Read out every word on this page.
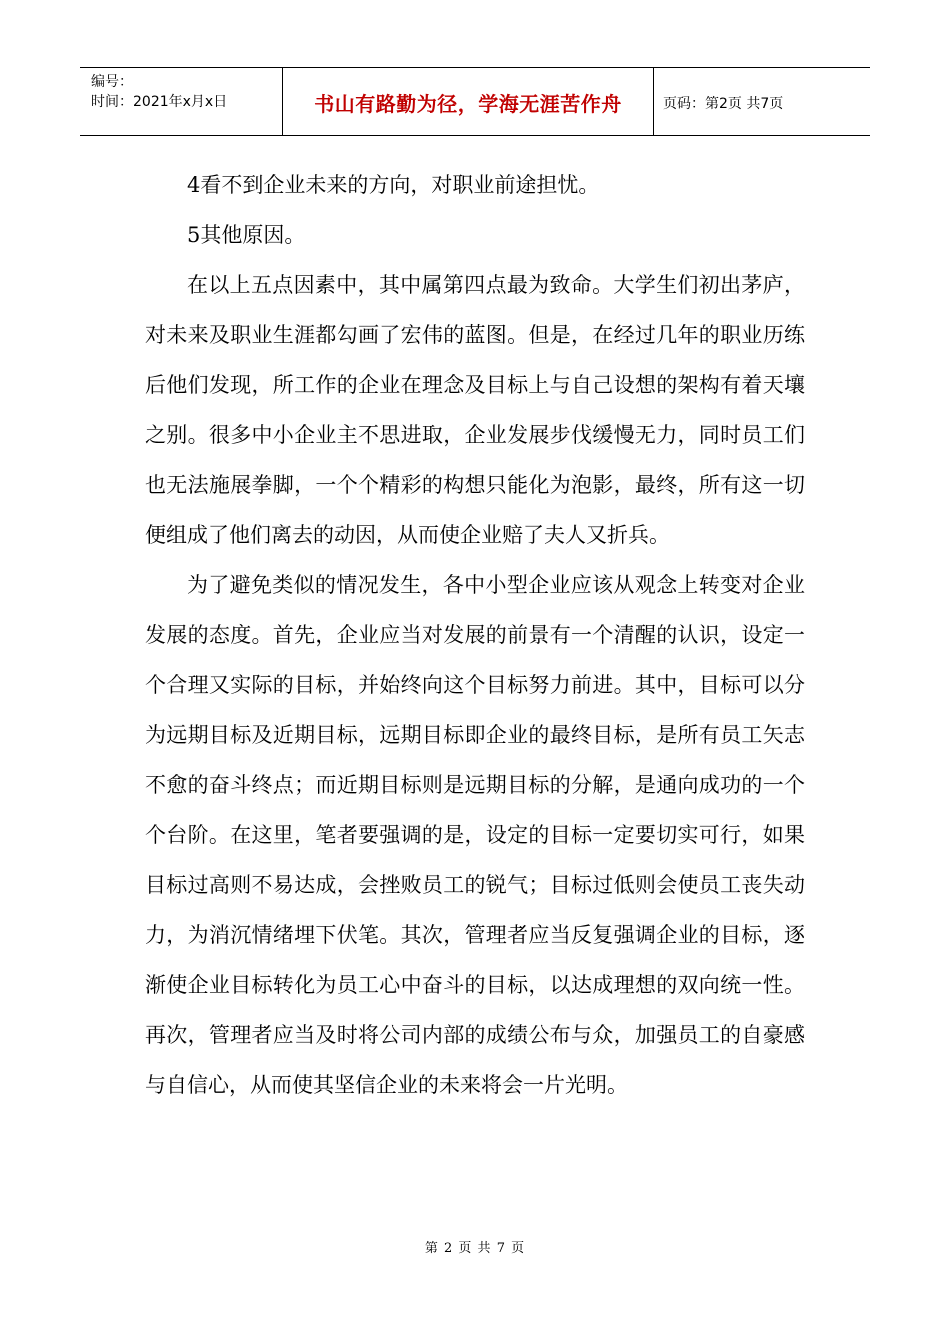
编号：
时间：2021年x月x日	书山有路勤为径，学海无涯苦作舟	页码：第2页 共7页

4看不到企业未来的方向，对职业前途担忧。

5其他原因。

在以上五点因素中，其中属第四点最为致命。大学生们初出茅庐，对未来及职业生涯都勾画了宏伟的蓝图。但是，在经过几年的职业历练后他们发现，所工作的企业在理念及目标上与自己设想的架构有着天壤之别。很多中小企业主不思进取，企业发展步伐缓慢无力，同时员工们也无法施展拳脚，一个个精彩的构想只能化为泡影，最终，所有这一切便组成了他们离去的动因，从而使企业赔了夫人又折兵。

为了避免类似的情况发生，各中小型企业应该从观念上转变对企业发展的态度。首先，企业应当对发展的前景有一个清醒的认识，设定一个合理又实际的目标，并始终向这个目标努力前进。其中，目标可以分为远期目标及近期目标，远期目标即企业的最终目标，是所有员工矢志不愈的奋斗终点；而近期目标则是远期目标的分解，是通向成功的一个个台阶。在这里，笔者要强调的是，设定的目标一定要切实可行，如果目标过高则不易达成，会挫败员工的锐气；目标过低则会使员工丧失动力，为消沉情绪埋下伏笔。其次，管理者应当反复强调企业的目标，逐渐使企业目标转化为员工心中奋斗的目标，以达成理想的双向统一性。再次，管理者应当及时将公司内部的成绩公布与众，加强员工的自豪感与自信心，从而使其坚信企业的未来将会一片光明。

第 2 页 共 7 页
